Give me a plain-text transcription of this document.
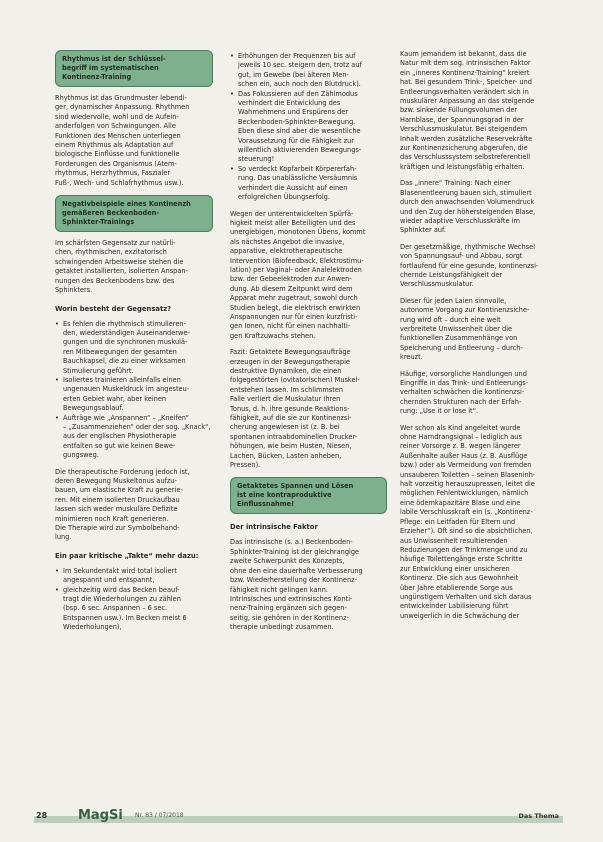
Rhythmus ist der Schlüssel-
begriff im systematischen
Kontinenz-Training

Rhythmus ist das Grundmuster lebendi-
ger, dynamischer Anpassung. Rhythmen
sind wiedervolle, wohl und de Aufein-
anderfolgen von Schwingungen. Alle
Funktionen des Menschen unterliegen
einem Rhythmus als Adaptation auf
biologische Einflüsse und funktionelle
Forderungen des Organismus (Atem-
rhythmus, Herzrhythmus, Faszialer
Fuß-, Wech- und Schlafrhythmus usw.).

Negativbeispiele eines Kontinenzh
gemäßeren Beckenboden-
Sphinkter-Trainings

Im schärfsten Gegensatz zur natürli-
chen, rhythmischen, exzitatorisch
schwingenden Arbeitsweise stehen die
getaktet installierten, isolierten Anspan-
nungen des Beckenbodens bzw. des
Sphinkters.

Worin besteht der Gegensatz?
• Es fehlen die rhythmisch stimulieren-
den, wiederständigen Auseinanderwe-
gungen und die synchronen muskulä-
ren Mitbewegungen der gesamten
Bauchkapsel, die zu einer wirksamen
Stimulierung geführt.
• Isoliertes trainieren alleinfalls einen
ungenauen Muskeldruck im angesteu-
erten Gebiet wahr, aber keinen
Bewegungsablauf.
• Aufträge wie „Anspannen“ – „Kneifen“
– „Zusammenziehen“ oder der sog. „Knack“,
aus der englischen Physiotherapie
entfalten so gut wie keinen Bewe-
gungsweg.

Die therapeutische Forderung jedoch ist,
deren Bewegung Muskeltonus aufzu-
bauen, um elastische Kraft zu generie-
ren. Mit einem isolierten Druckaufbau
lassen sich weder muskuläre Defizite
minimieren noch Kraft generieren.
Die Therapie wird zur Symbolbehand-
lung.

Ein paar kritische „Takte“ mehr dazu:
• Im Sekundentakt wird total isoliert
angespannt und entspannt,
• gleichzeitig wird das Becken beauf-
tragt die Wiederholungen zu zählen
(bsp. 6 sec. Anspannen – 6 sec.
Entspannen usw.). Im Becken meist 6
Wiederholungen),
• Erhöhungen der Frequenzen bis auf
jeweils 10 sec. steigern den, trotz auf
gut, im Gewebe (bei älteren Men-
schen ein, auch noch den Blutdruck).
• Das Fokussieren auf den Zählmodus
verhindert die Entwicklung des
Wahrnehmens und Erspürens der
Beckenboden-Sphinkter-Bewegung.
Eben diese sind aber die wesentliche
Voraussetzung für die Fähigkeit zur
willentlich aktivierenden Bewegungs-
steuerung!
• So verdeckt Kopfarbeit Körpererfah-
rung. Das unablässliche Versäumnis
verhindert die Aussicht auf einen
erfolgreichen Übungserfolg.

Wegen der unterentwickelten Spürfä-
higkeit meist aller Beteiligten und des
unergiebigen, monotonen Übens, kommt
als nächstes Angebot die invasive,
apparative, elektrotherapeutische
Intervention (Biofeedback, Elektrostimu-
lation) per Vaginal- oder Analelektroden
bzw. der Gebeelektroden zur Anwen-
dung. Ab diesem Zeitpunkt wird dem
Apparat mehr zugetraut, sowohl durch
Studien belegt, die elektrisch erwirkten
Anspannungen nur für einen kurzfristi-
gen Ionen, nicht für einen nachhalti-
gen Kraftzuwachs stehen.

Fazit: Getaktete Bewegungsaufträge
erzeugen in der Bewegungstherapie
destruktive Dynamiken, die einen
folgegestörten (ovitatorischen) Muskel-
entstehen lassen. Im schlimmsten
Falle verliert die Muskulatur ihren
Tonus, d. h. ihre gesunde Reaktions-
fähigkeit, auf die sie zur Kontinenzsi-
cherung angewiesen ist (z. B. bei
spontanen intraabdominellen Drucker-
höhungen, wie beim Husten, Niesen,
Lachen, Bücken, Lasten anheben,
Pressen).

Getaktetes Spannen und Lösen
ist eine kontraproduktive
Einflussnahme!
Der intrinsische Faktor

Das intrinsische (s. a.) Beckenboden-
Sphinkter-Training ist der gleichrangige
zweite Schwerpunkt des Konzepts,
ohne den eine dauerhafte Verbesserung
bzw. Wiederherstellung der Kontinenz-
fähigkeit nicht gelingen kann.
Intrinsisches und extrinsisches Konti-
nenz-Training ergänzen sich gegen-
seitig, sie gehören in der Kontinenz-
therapie unbedingt zusammen.

Kaum jemandem ist bekannt, dass die
Natur mit dem sog. intrinsischen Faktor
ein „inneres Kontinenz-Training“ kreiert
hat. Bei gesundem Trink-, Speicher- und
Entleerungsverhalten verändert sich in
muskulärer Anpassung an das steigende
bzw. sinkende Füllungsvolumen der
Harnblase, der Spannungsgrad in der
Verschlussmuskulatur. Bei steigendem
Inhalt werden zusätzliche Reservekräfte
zur Kontinenzsicherung abgerufen, die
das Verschlusssystem selbstreferentiell
kräftigen und leistungsfähig erhalten.

Das „innere“ Training: Nach einer
Blasenentleerung bauen sich, stimuliert
durch den anwachsenden Volumendruck
und den Zug der höhersteigenden Blase,
wieder adaptive Verschlusskräfte im
Sphinkter auf.

Der gesetzmäßige, rhythmische Wechsel
von Spannungsauf- und Abbau, sorgt
fortlaufend für eine gesunde, kontinenzsi-
chernde Leistungsfähigkeit der
Verschlussmuskulatur.

Dieser für jeden Laien sinnvolle,
autonome Vorgang zur Kontinenzsiche-
rung wird oft – durch eine weit
verbreitete Unwissenheit über die
funktionellen Zusammenhänge von
Speicherung und Entleerung – durch-
kreuzt.

Häufige, vorsorgliche Handlungen und
Eingriffe in das Trink- und Entleerungs-
verhalten schwächen die kontinenzsi-
chernden Strukturen nach der Erfah-
rung: „Use it or lose it“.

Wer schon als Kind angeleitet wurde
ohne Harndrangsignal – lediglich aus
reiner Vorsorge z. B. wegen längerer
Außenhalte außer Haus (z. B. Ausflüge
bzw.) oder als Vermeidung von fremden
unsauberen Toiletten – seinen Blaseninh-
halt vorzeitig herauszupressen, leitet die
möglichen Fehlentwicklungen, nämlich
eine ödemkapazitäre Blase und eine
labile Verschlusskraft ein (s. „Kontinenz-
Pflege: ein Leitfaden für Eltern und
Erzieher“). Oft sind so die absichtlichen,
aus Unwissenheit resultierenden
Reduzierungen der Trinkmenge und zu
häufige Toilettengänge erste Schritte
zur Entwicklung einer unsicheren
Kontinenz. Die sich aus Gewohnheit
über Jahre etablierende Sorge aus
ungünstigem Verhalten und sich daraus
entwickelnder Labilisierung führt
unweigerlich in die Schwächung der

28 MagSi Nr. 83 / 07/2018	Das Thema
